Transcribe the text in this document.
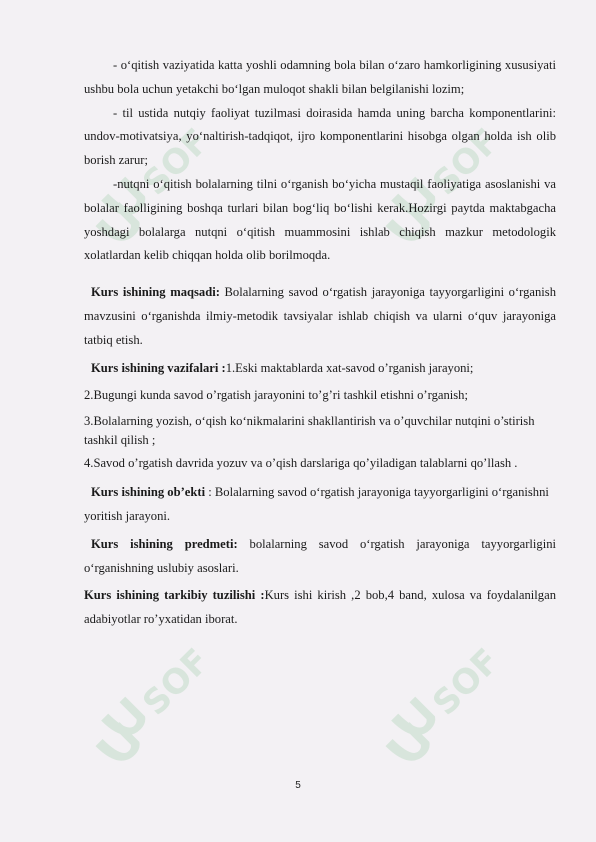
SOF	SOF
SOF	SOF

- o‘qitish vaziyatida katta yoshli odamning bola bilan o‘zaro hamkorligining xususiyati ushbu bola uchun yetakchi bo‘lgan muloqot shakli bilan belgilanishi lozim;

- til ustida nutqiy faoliyat tuzilmasi doirasida hamda uning barcha komponentlarini: undov-motivatsiya, yo‘naltirish-tadqiqot, ijro komponentlarini hisobga olgan holda ish olib borish zarur;

-nutqni o‘qitish bolalarning tilni o‘rganish bo‘yicha mustaqil faoliyatiga asoslanishi va bolalar faolligining boshqa turlari bilan bog‘liq bo‘lishi kerak.Hozirgi paytda maktabgacha yoshdagi bolalarga nutqni o‘qitish muammosini ishlab chiqish mazkur metodologik xolatlardan kelib chiqqan holda olib borilmoqda.

Kurs ishining maqsadi: Bolalarning savod o‘rgatish jarayoniga tayyorgarligini o‘rganish mavzusini o‘rganishda ilmiy-metodik tavsiyalar ishlab chiqish va ularni o‘quv jarayoniga tatbiq etish.

Kurs ishining vazifalari :1.Eski maktablarda xat-savod o’rganish jarayoni;

2.Bugungi kunda savod o’rgatish jarayonini to’g’ri tashkil etishni o’rganish;

3.Bolalarning yozish, o‘qish ko‘nikmalarini shakllantirish va o’quvchilar nutqini o’stirish tashkil qilish ;

4.Savod o’rgatish davrida yozuv va o’qish darslariga qo’yiladigan talablarni qo’llash .

Kurs ishining ob’ekti : Bolalarning savod o‘rgatish jarayoniga tayyorgarligini o‘rganishni yoritish jarayoni.

Kurs ishining predmeti: bolalarning savod o‘rgatish jarayoniga tayyorgarligini o‘rganishning uslubiy asoslari.

Kurs ishining tarkibiy tuzilishi :Kurs ishi kirish ,2 bob,4 band, xulosa va foydalanilgan adabiyotlar ro’yxatidan iborat.

5
